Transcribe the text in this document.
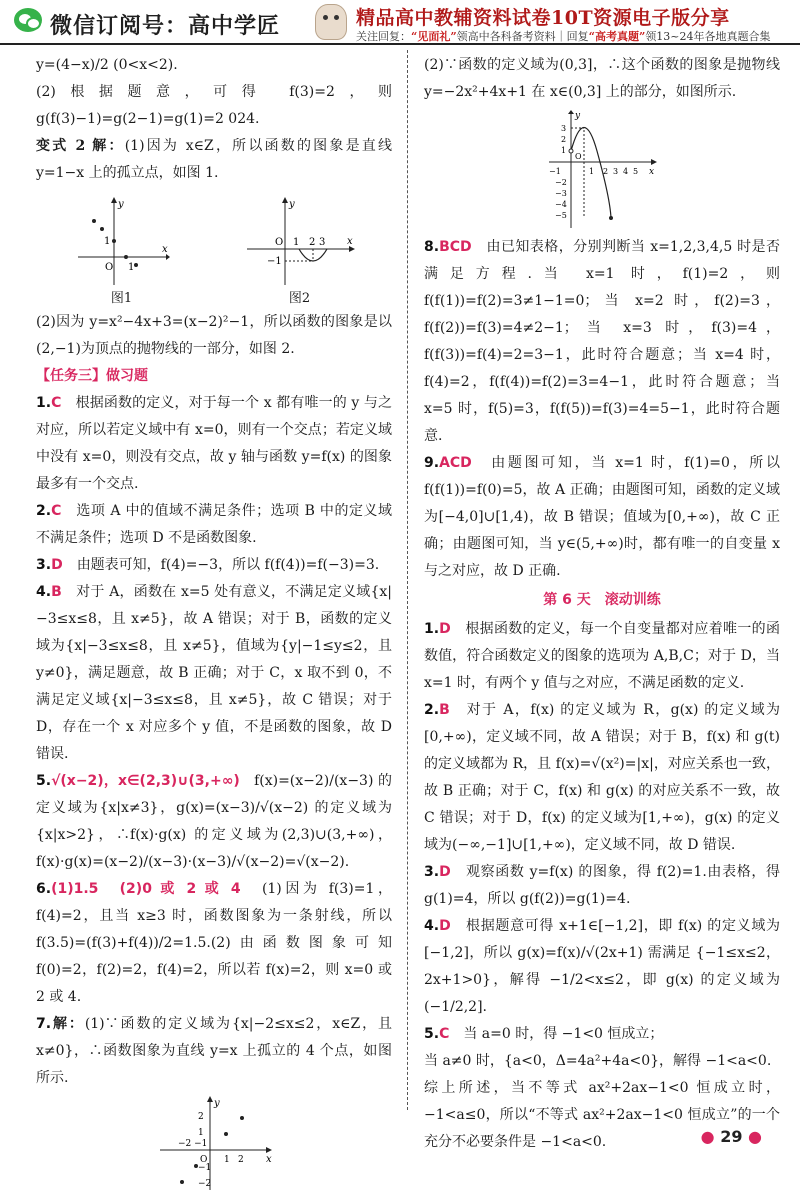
微信订阅号：高中学匠	精品高中教辅资料试卷10T资源电子版分享
关注回复：“见面礼”领高中各科备考资料｜回复“高考真题”领13~24年各地真题合集

y=(4−x)/2 (0<x<2).

(2)根据题意，可得 f(3)=2，则 g(f(3)−1)=g(2−1)=g(1)=2 024.

变式 2 解：(1)因为 x∈Z，所以函数的图象是直线 y=1−x 上的孤立点，如图 1.

y
x
O
1
1
图1
y
x
O 1 2 3
−1
图2

(2)因为 y=x²−4x+3=(x−2)²−1，所以函数的图象是以(2,−1)为顶点的抛物线的一部分，如图 2.

【任务三】做习题

1.C　 根据函数的定义，对于每一个 x 都有唯一的 y 与之对应，所以若定义域中有 x=0，则有一个交点；若定义域中没有 x=0，则没有交点，故 y 轴与函数 y=f(x) 的图象最多有一个交点.

2.C　 选项 A 中的值域不满足条件；选项 B 中的定义域不满足条件；选项 D 不是函数图象.

3.D　 由题表可知，f(4)=−3，所以 f(f(4))=f(−3)=3.

4.B　 对于 A，函数在 x=5 处有意义，不满足定义域{x|−3≤x≤8，且 x≠5}，故 A 错误；对于 B，函数的定义域为{x|−3≤x≤8，且 x≠5}，值域为{y|−1≤y≤2，且 y≠0}，满足题意，故 B 正确；对于 C，x 取不到 0，不满足定义域{x|−3≤x≤8，且 x≠5}，故 C 错误；对于 D，存在一个 x 对应多个 y 值，不是函数的图象，故 D 错误.

5.√(x−2)，x∈(2,3)∪(3,+∞)　 f(x)=(x−2)/(x−3) 的定义域为{x|x≠3}，g(x)=(x−3)/√(x−2) 的定义域为{x|x>2}，∴f(x)·g(x) 的定义域为(2,3)∪(3,+∞)，f(x)·g(x)=(x−2)/(x−3)·(x−3)/√(x−2)=√(x−2).

6.(1)1.5　(2)0 或 2 或 4　 (1)因为 f(3)=1，f(4)=2，且当 x≥3 时，函数图象为一条射线，所以 f(3.5)=(f(3)+f(4))/2=1.5.(2)由函数图象可知 f(0)=2，f(2)=2，f(4)=2，所以若 f(x)=2，则 x=0 或 2 或 4.

7.解：(1)∵函数的定义域为{x|−2≤x≤2，x∈Z，且 x≠0}，∴函数图象为直线 y=x 上孤立的 4 个点，如图所示.

y
x
2
1
O
−2 −1
1 2
−1
−2

(2)∵函数的定义域为(0,3]，∴这个函数的图象是抛物线 y=−2x²+4x+1 在 x∈(0,3] 上的部分，如图所示.

y
x
3
2
1
−1
O
1 2 3 4 5
−2
−3
−4
−5

8.BCD　 由已知表格，分别判断当 x=1,2,3,4,5 时是否满足方程.当 x=1 时，f(1)=2，则 f(f(1))=f(2)=3≠1−1=0；当 x=2 时，f(2)=3，f(f(2))=f(3)=4≠2−1；当 x=3 时，f(3)=4，f(f(3))=f(4)=2=3−1，此时符合题意；当 x=4 时，f(4)=2，f(f(4))=f(2)=3=4−1，此时符合题意；当 x=5 时，f(5)=3，f(f(5))=f(3)=4=5−1，此时符合题意.

9.ACD　 由题图可知，当 x=1 时，f(1)=0，所以 f(f(1))=f(0)=5，故 A 正确；由题图可知，函数的定义域为[−4,0]∪[1,4)，故 B 错误；值域为[0,+∞)，故 C 正确；由题图可知，当 y∈(5,+∞)时，都有唯一的自变量 x 与之对应，故 D 正确.

第 6 天　滚动训练

1.D　 根据函数的定义，每一个自变量都对应着唯一的函数值，符合函数定义的图象的选项为 A,B,C；对于 D，当 x=1 时，有两个 y 值与之对应，不满足函数的定义.

2.B　 对于 A，f(x) 的定义域为 R，g(x) 的定义域为[0,+∞)，定义域不同，故 A 错误；对于 B，f(x) 和 g(t) 的定义域都为 R，且 f(x)=√(x²)=|x|，对应关系也一致，故 B 正确；对于 C，f(x) 和 g(x) 的对应关系不一致，故 C 错误；对于 D，f(x) 的定义域为[1,+∞)，g(x) 的定义域为(−∞,−1]∪[1,+∞)，定义域不同，故 D 错误.

3.D　 观察函数 y=f(x) 的图象，得 f(2)=1.由表格，得 g(1)=4，所以 g(f(2))=g(1)=4.

4.D　 根据题意可得 x+1∈[−1,2]，即 f(x) 的定义域为[−1,2]，所以 g(x)=f(x)/√(2x+1) 需满足 {−1≤x≤2，2x+1>0}，解得 −1/2<x≤2，即 g(x) 的定义域为(−1/2,2].

5.C　 当 a=0 时，得 −1<0 恒成立；

当 a≠0 时，{a<0，Δ=4a²+4a<0}，解得 −1<a<0.

综上所述，当不等式 ax²+2ax−1<0 恒成立时，−1<a≤0，所以“不等式 ax²+2ax−1<0 恒成立”的一个充分不必要条件是 −1<a<0.	● 29 ●
